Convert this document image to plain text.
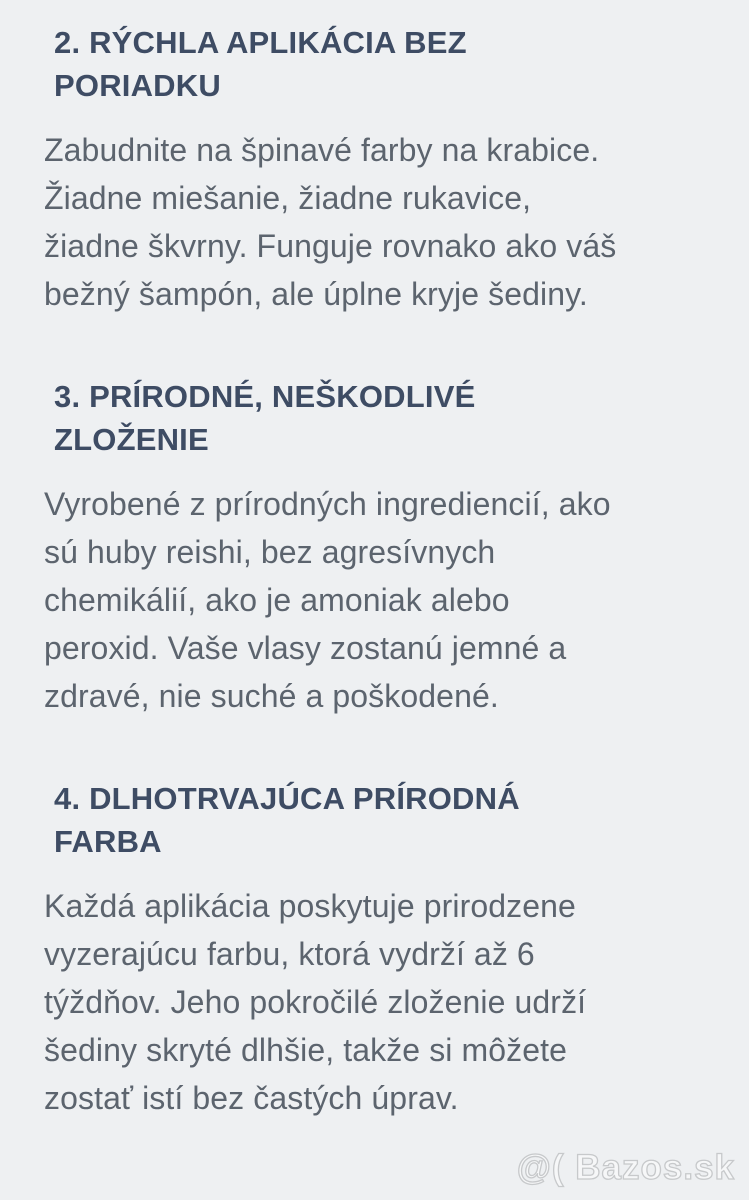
2. RÝCHLA APLIKÁCIA BEZ
PORIADKU

Zabudnite na špinavé farby na krabice.
Žiadne miešanie, žiadne rukavice,
žiadne škvrny. Funguje rovnako ako váš
bežný šampón, ale úplne kryje šediny.

3. PRÍRODNÉ, NEŠKODLIVÉ
ZLOŽENIE

Vyrobené z prírodných ingrediencií, ako
sú huby reishi, bez agresívnych
chemikálií, ako je amoniak alebo
peroxid. Vaše vlasy zostanú jemné a
zdravé, nie suché a poškodené.

4. DLHOTRVAJÚCA PRÍRODNÁ
FARBA

Každá aplikácia poskytuje prirodzene
vyzerajúcu farbu, ktorá vydrží až 6
týždňov. Jeho pokročilé zloženie udrží
šediny skryté dlhšie, takže si môžete
zostať istí bez častých úprav.

@( Bazos.sk
